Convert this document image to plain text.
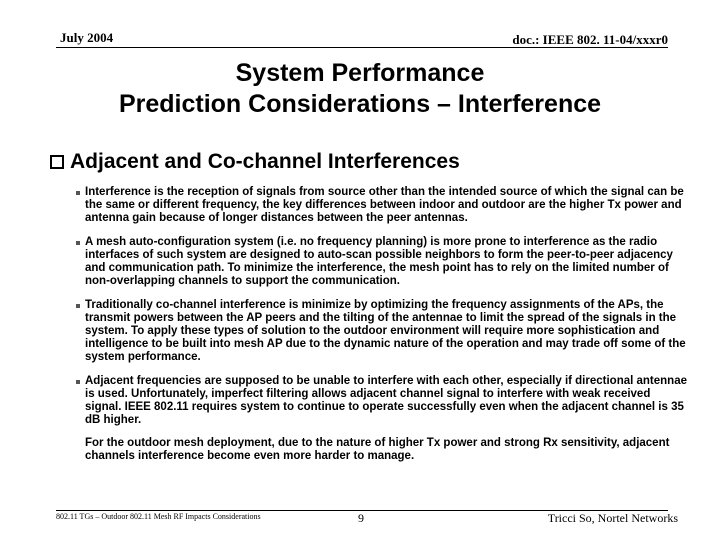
July 2004	doc.: IEEE 802. 11-04/xxxr0
System Performance
Prediction Considerations – Interference
Adjacent and Co-channel Interferences
Interference is the reception of signals from source other than the intended source of which the signal can be the same or different frequency, the key differences between indoor and outdoor are the higher Tx power and antenna gain because of longer distances between the peer antennas.
A mesh auto-configuration system (i.e. no frequency planning) is more prone to interference as the radio interfaces of such system are designed to auto-scan possible neighbors to form the peer-to-peer adjacency and communication path. To minimize the interference, the mesh point has to rely on the limited number of non-overlapping channels to support the communication.
Traditionally co-channel interference is minimize by optimizing the frequency assignments of the APs, the transmit powers between the AP peers and the tilting of the antennae to limit the spread of the signals in the system. To apply these types of solution to the outdoor environment will require more sophistication and intelligence to be built into mesh AP due to the dynamic nature of the operation and may trade off some of the system performance.
Adjacent frequencies are supposed to be unable to interfere with each other, especially if directional antennae is used. Unfortunately, imperfect filtering allows adjacent channel signal to interfere with weak received signal. IEEE 802.11 requires system to continue to operate successfully even when the adjacent channel is 35 dB higher.
For the outdoor mesh deployment, due to the nature of higher Tx power and strong Rx sensitivity, adjacent channels interference become even more harder to manage.
802.11 TGs – Outdoor 802.11 Mesh RF Impacts Considerations	9	Tricci So, Nortel Networks
